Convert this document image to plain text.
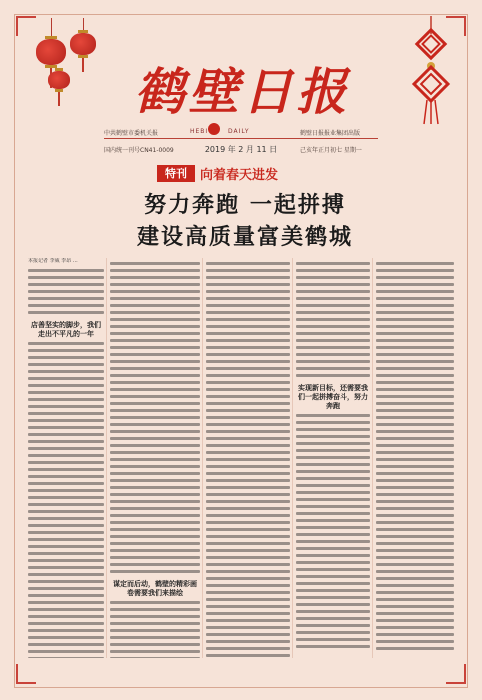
鹤壁日报
HEBI	DAILY
中共鹤壁市委机关报	鹤壁日报报业集团出版
国内统一刊号CN41-0009	2019 年 2 月 11 日	己亥年正月初七 星期一
特刊	向着春天进发
努力奔跑 一起拼搏
建设高质量富美鹤城
本报记者 李威 李昂 …
店善坚实的脚步，我们走出不平凡的一年
谋定而后动，鹤壁的精彩画卷需要我们来描绘
实现新目标，还需要我们一起拼搏奋斗，努力奔跑
